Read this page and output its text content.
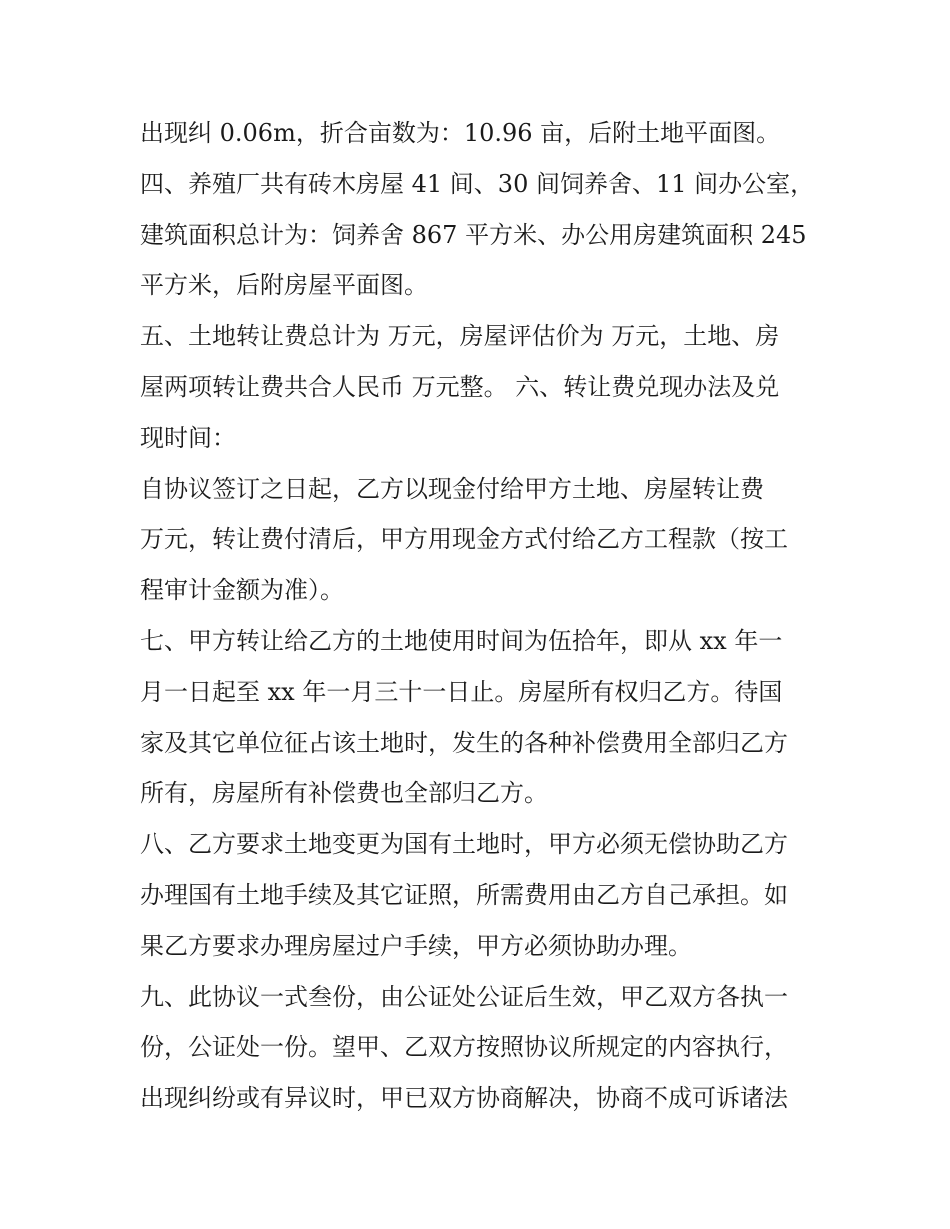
出现纠 0.06m，折合亩数为：10.96 亩，后附土地平面图。
四、养殖厂共有砖木房屋 41 间、30 间饲养舍、11 间办公室，
建筑面积总计为：饲养舍 867 平方米、办公用房建筑面积 245
平方米，后附房屋平面图。
五、土地转让费总计为 万元，房屋评估价为 万元，土地、房
屋两项转让费共合人民币 万元整。 六、转让费兑现办法及兑
现时间：
自协议签订之日起，乙方以现金付给甲方土地、房屋转让费
万元，转让费付清后，甲方用现金方式付给乙方工程款（按工
程审计金额为准）。
七、甲方转让给乙方的土地使用时间为伍拾年，即从 xx 年一
月一日起至 xx 年一月三十一日止。房屋所有权归乙方。待国
家及其它单位征占该土地时，发生的各种补偿费用全部归乙方
所有，房屋所有补偿费也全部归乙方。
八、乙方要求土地变更为国有土地时，甲方必须无偿协助乙方
办理国有土地手续及其它证照，所需费用由乙方自己承担。如
果乙方要求办理房屋过户手续，甲方必须协助办理。
九、此协议一式叁份，由公证处公证后生效，甲乙双方各执一
份，公证处一份。望甲、乙双方按照协议所规定的内容执行，
出现纠纷或有异议时，甲已双方协商解决，协商不成可诉诸法
